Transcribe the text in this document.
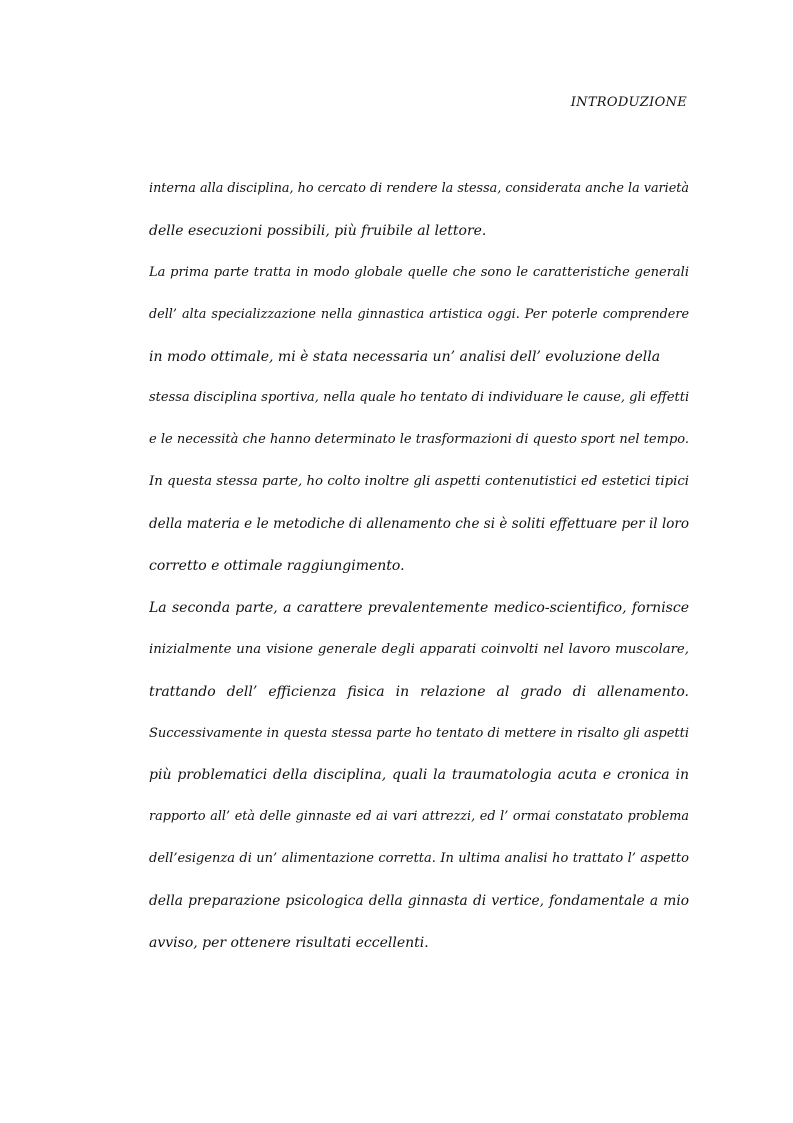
INTRODUZIONE
interna alla disciplina, ho cercato di rendere la stessa, considerata anche la varietà
delle esecuzioni possibili, più fruibile al lettore.
La prima parte tratta in modo globale quelle che sono le caratteristiche generali
dell’ alta specializzazione nella ginnastica artistica oggi. Per poterle comprendere
in modo ottimale, mi è stata necessaria un’ analisi dell’ evoluzione della
stessa disciplina sportiva, nella quale ho tentato di individuare le cause, gli effetti
e le necessità che hanno determinato le trasformazioni di questo sport nel tempo.
In questa stessa parte, ho colto inoltre gli aspetti contenutistici ed estetici tipici
della materia e le metodiche di allenamento che si è soliti effettuare per il loro
corretto e ottimale raggiungimento.
La seconda parte, a carattere prevalentemente medico-scientifico, fornisce
inizialmente una visione generale degli apparati coinvolti nel lavoro muscolare,
trattando dell’ efficienza fisica in relazione al grado di allenamento.
Successivamente in questa stessa parte ho tentato di mettere in risalto gli aspetti
più problematici della disciplina, quali la traumatologia acuta e cronica in
rapporto all’ età delle ginnaste ed ai vari attrezzi, ed l’ ormai constatato problema
dell’esigenza di un’ alimentazione corretta. In ultima analisi ho trattato l’ aspetto
della preparazione psicologica della ginnasta di vertice, fondamentale a mio
avviso, per ottenere risultati eccellenti.
